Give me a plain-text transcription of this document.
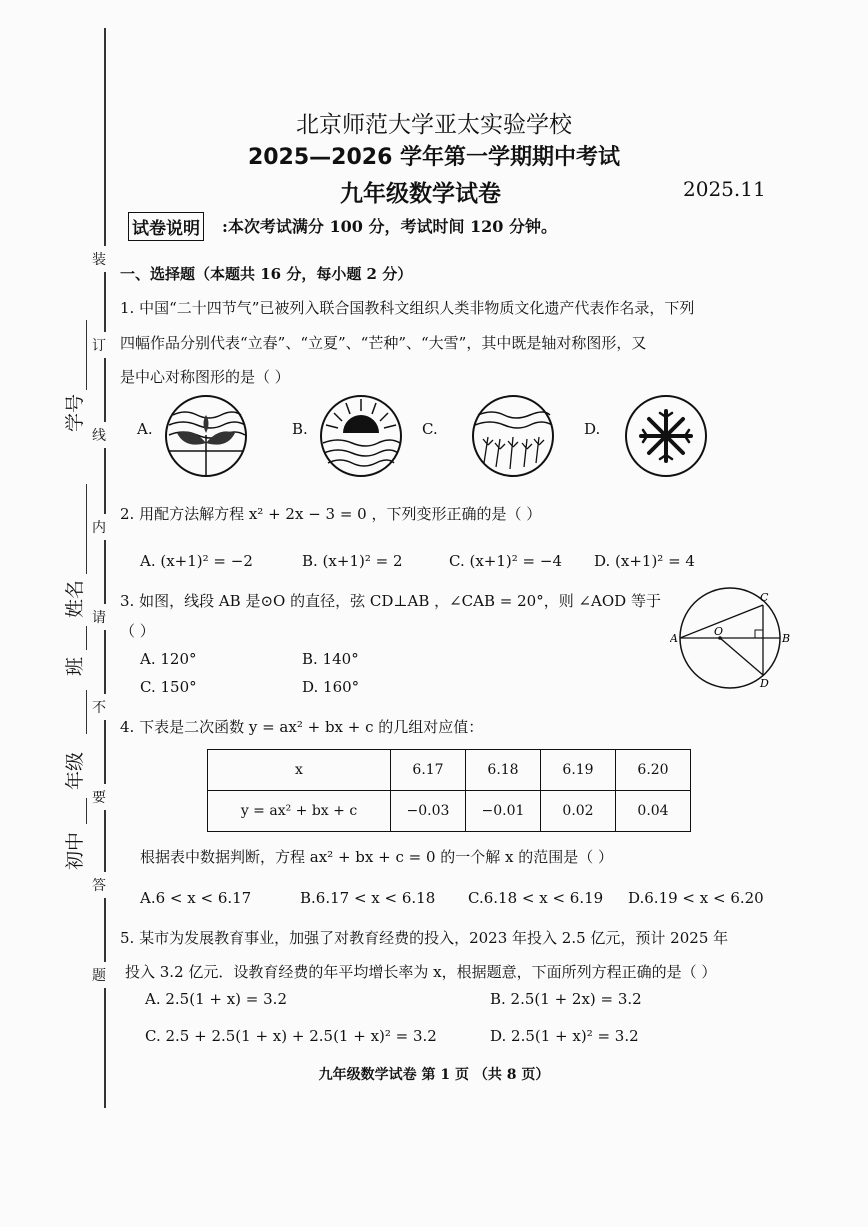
装
订
线
内
请
不
要
答
题
学号
姓名
班
年级
初中
北京师范大学亚太实验学校
2025—2026 学年第一学期期中考试
九年级数学试卷	2025.11
试卷说明 :本次考试满分 100 分，考试时间 120 分钟。
一、选择题（本题共 16 分，每小题 2 分）
1. 中国“二十四节气”已被列入联合国教科文组织人类非物质文化遗产代表作名录，下列
四幅作品分别代表“立春”、“立夏”、“芒种”、“大雪”，其中既是轴对称图形，又
是中心对称图形的是（ ）
A.	B.	C.	D.
2. 用配方法解方程 x² + 2x − 3 = 0 ，下列变形正确的是（ ）
A. (x+1)² = −2	B. (x+1)² = 2	C. (x+1)² = −4 D. (x+1)² = 4
3. 如图，线段 AB 是⊙O 的直径，弦 CD⊥AB ，∠CAB = 20°，则 ∠AOD 等于
（ ）
A. 120°	B. 140°
C. 150°	D. 160°
A	B
C
D
O
4. 下表是二次函数 y = ax² + bx + c 的几组对应值：
x	6.17	6.18	6.19	6.20
y = ax² + bx + c	−0.03	−0.01	0.02	0.04
根据表中数据判断，方程 ax² + bx + c = 0 的一个解 x 的范围是（ ）
A.6 < x < 6.17	B.6.17 < x < 6.18 C.6.18 < x < 6.19 D.6.19 < x < 6.20
5. 某市为发展教育事业，加强了对教育经费的投入，2023 年投入 2.5 亿元，预计 2025 年
投入 3.2 亿元．设教育经费的年平均增长率为 x，根据题意，下面所列方程正确的是（ ）
A. 2.5(1 + x) = 3.2	B. 2.5(1 + 2x) = 3.2
C. 2.5 + 2.5(1 + x) + 2.5(1 + x)² = 3.2	D. 2.5(1 + x)² = 3.2
九年级数学试卷 第 1 页 （共 8 页）
